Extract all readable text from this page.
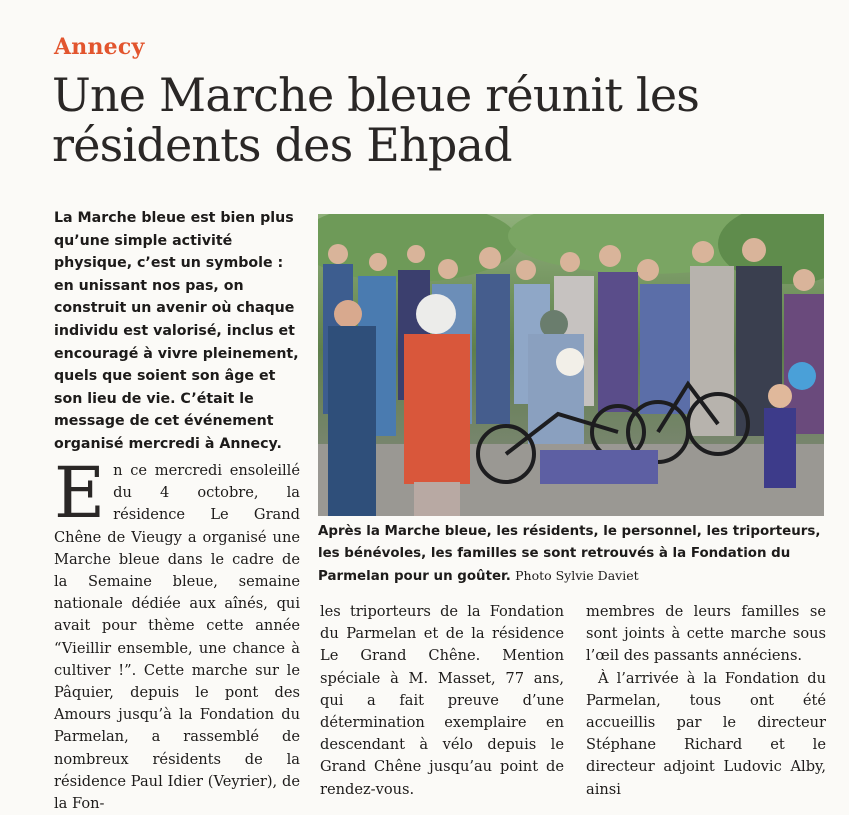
Annecy
Une Marche bleue réunit les résidents des Ehpad

La Marche bleue est bien plus qu’une simple activité physique, c’est un symbole : en unissant nos pas, on construit un avenir où chaque individu est valorisé, inclus et encouragé à vivre pleinement, quels que soient son âge et son lieu de vie. C’était le message de cet événement organisé mercredi à Annecy.

Après la Marche bleue, les résidents, le personnel, les triporteurs, les bénévoles, les familles se sont retrouvés à la Fondation du Parmelan pour un goûter. Photo Sylvie Daviet
E n ce mercredi ensoleillé du 4 octobre, la résidence Le Grand Chêne de Vieugy a organisé une Marche bleue dans le cadre de la Semaine bleue, semaine nationale dédiée aux aînés, qui avait pour thème cette année “Vieillir ensemble, une chance à cultiver !”. Cette marche sur le Pâquier, depuis le pont des Amours jusqu’à la Fondation du Parmelan, a rassemblé de nombreux résidents de la résidence Paul Idier (Veyrier), de la Fon-

les triporteurs de la Fondation du Parmelan et de la résidence Le Grand Chêne. Mention spéciale à M. Masset, 77 ans, qui a fait preuve d’une détermination exemplaire en descendant à vélo depuis le Grand Chêne jusqu’au point de rendez-vous.

membres de leurs familles se sont joints à cette marche sous l’œil des passants annéciens.

À l’arrivée à la Fondation du Parmelan, tous ont été accueillis par le directeur Stéphane Richard et le directeur adjoint Ludovic Alby, ainsi
